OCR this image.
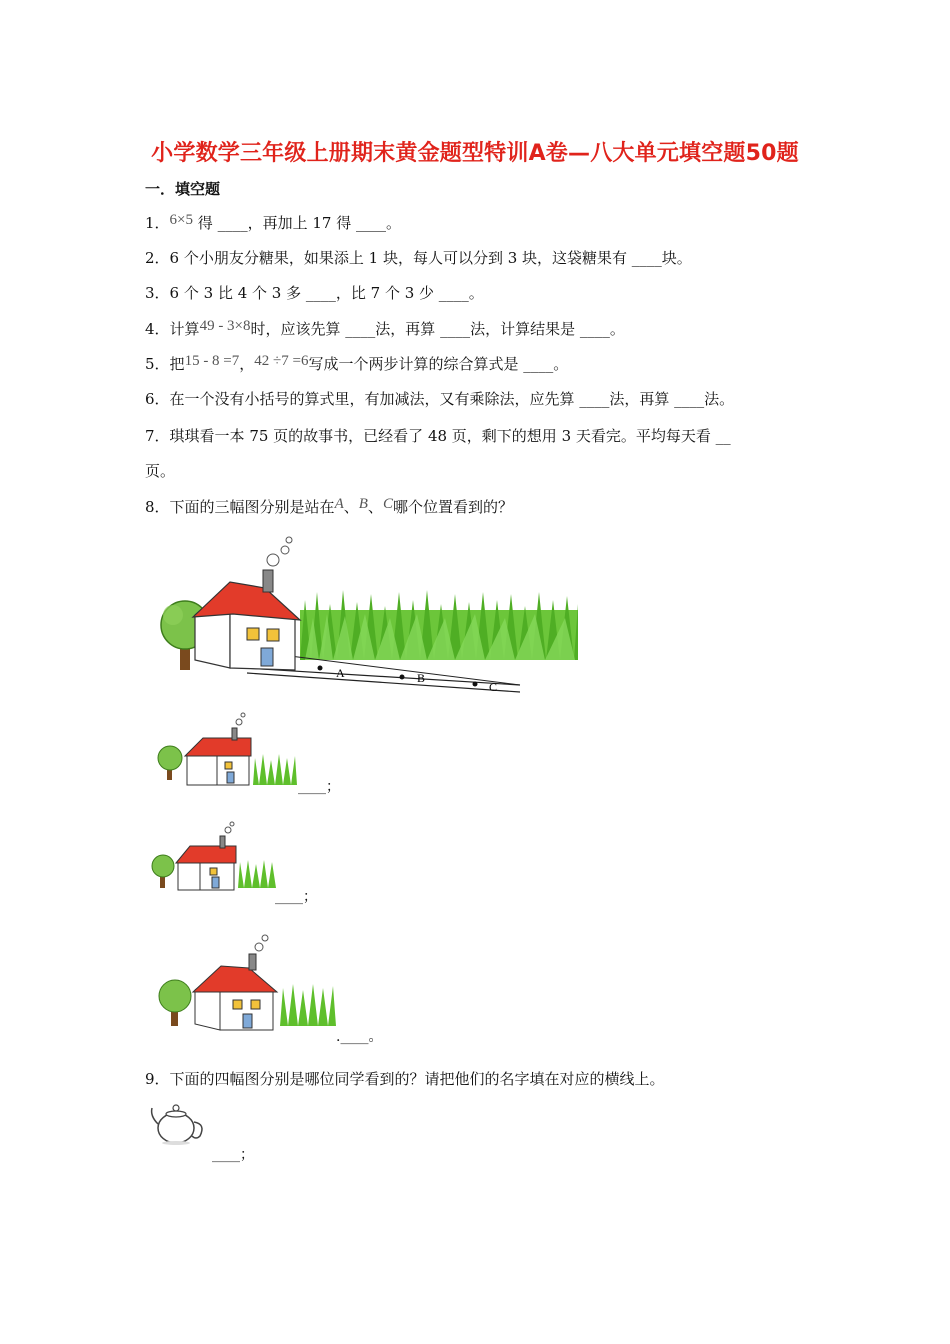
小学数学三年级上册期末黄金题型特训A卷—八大单元填空题50题
一．填空题
1．6×5 得 ____，再加上 17 得 ____。
2．6 个小朋友分糖果，如果添上 1 块，每人可以分到 3 块，这袋糖果有 ____块。
3．6 个 3 比 4 个 3 多 ____，比 7 个 3 少 ____。
4．计算49 - 3×8时，应该先算 ____法，再算 ____法，计算结果是 ____。
5．把15 - 8 =7，42 ÷7 =6写成一个两步计算的综合算式是 ____。
6．在一个没有小括号的算式里，有加减法，又有乘除法，应先算 ____法，再算 ____法。
7．琪琪看一本 75 页的故事书，已经看了 48 页，剩下的想用 3 天看完。平均每天看 __
页。
8．下面的三幅图分别是站在A、B、C哪个位置看到的？
A	B
C
____；
____；
.____。
9．下面的四幅图分别是哪位同学看到的？请把他们的名字填在对应的横线上。
____；
